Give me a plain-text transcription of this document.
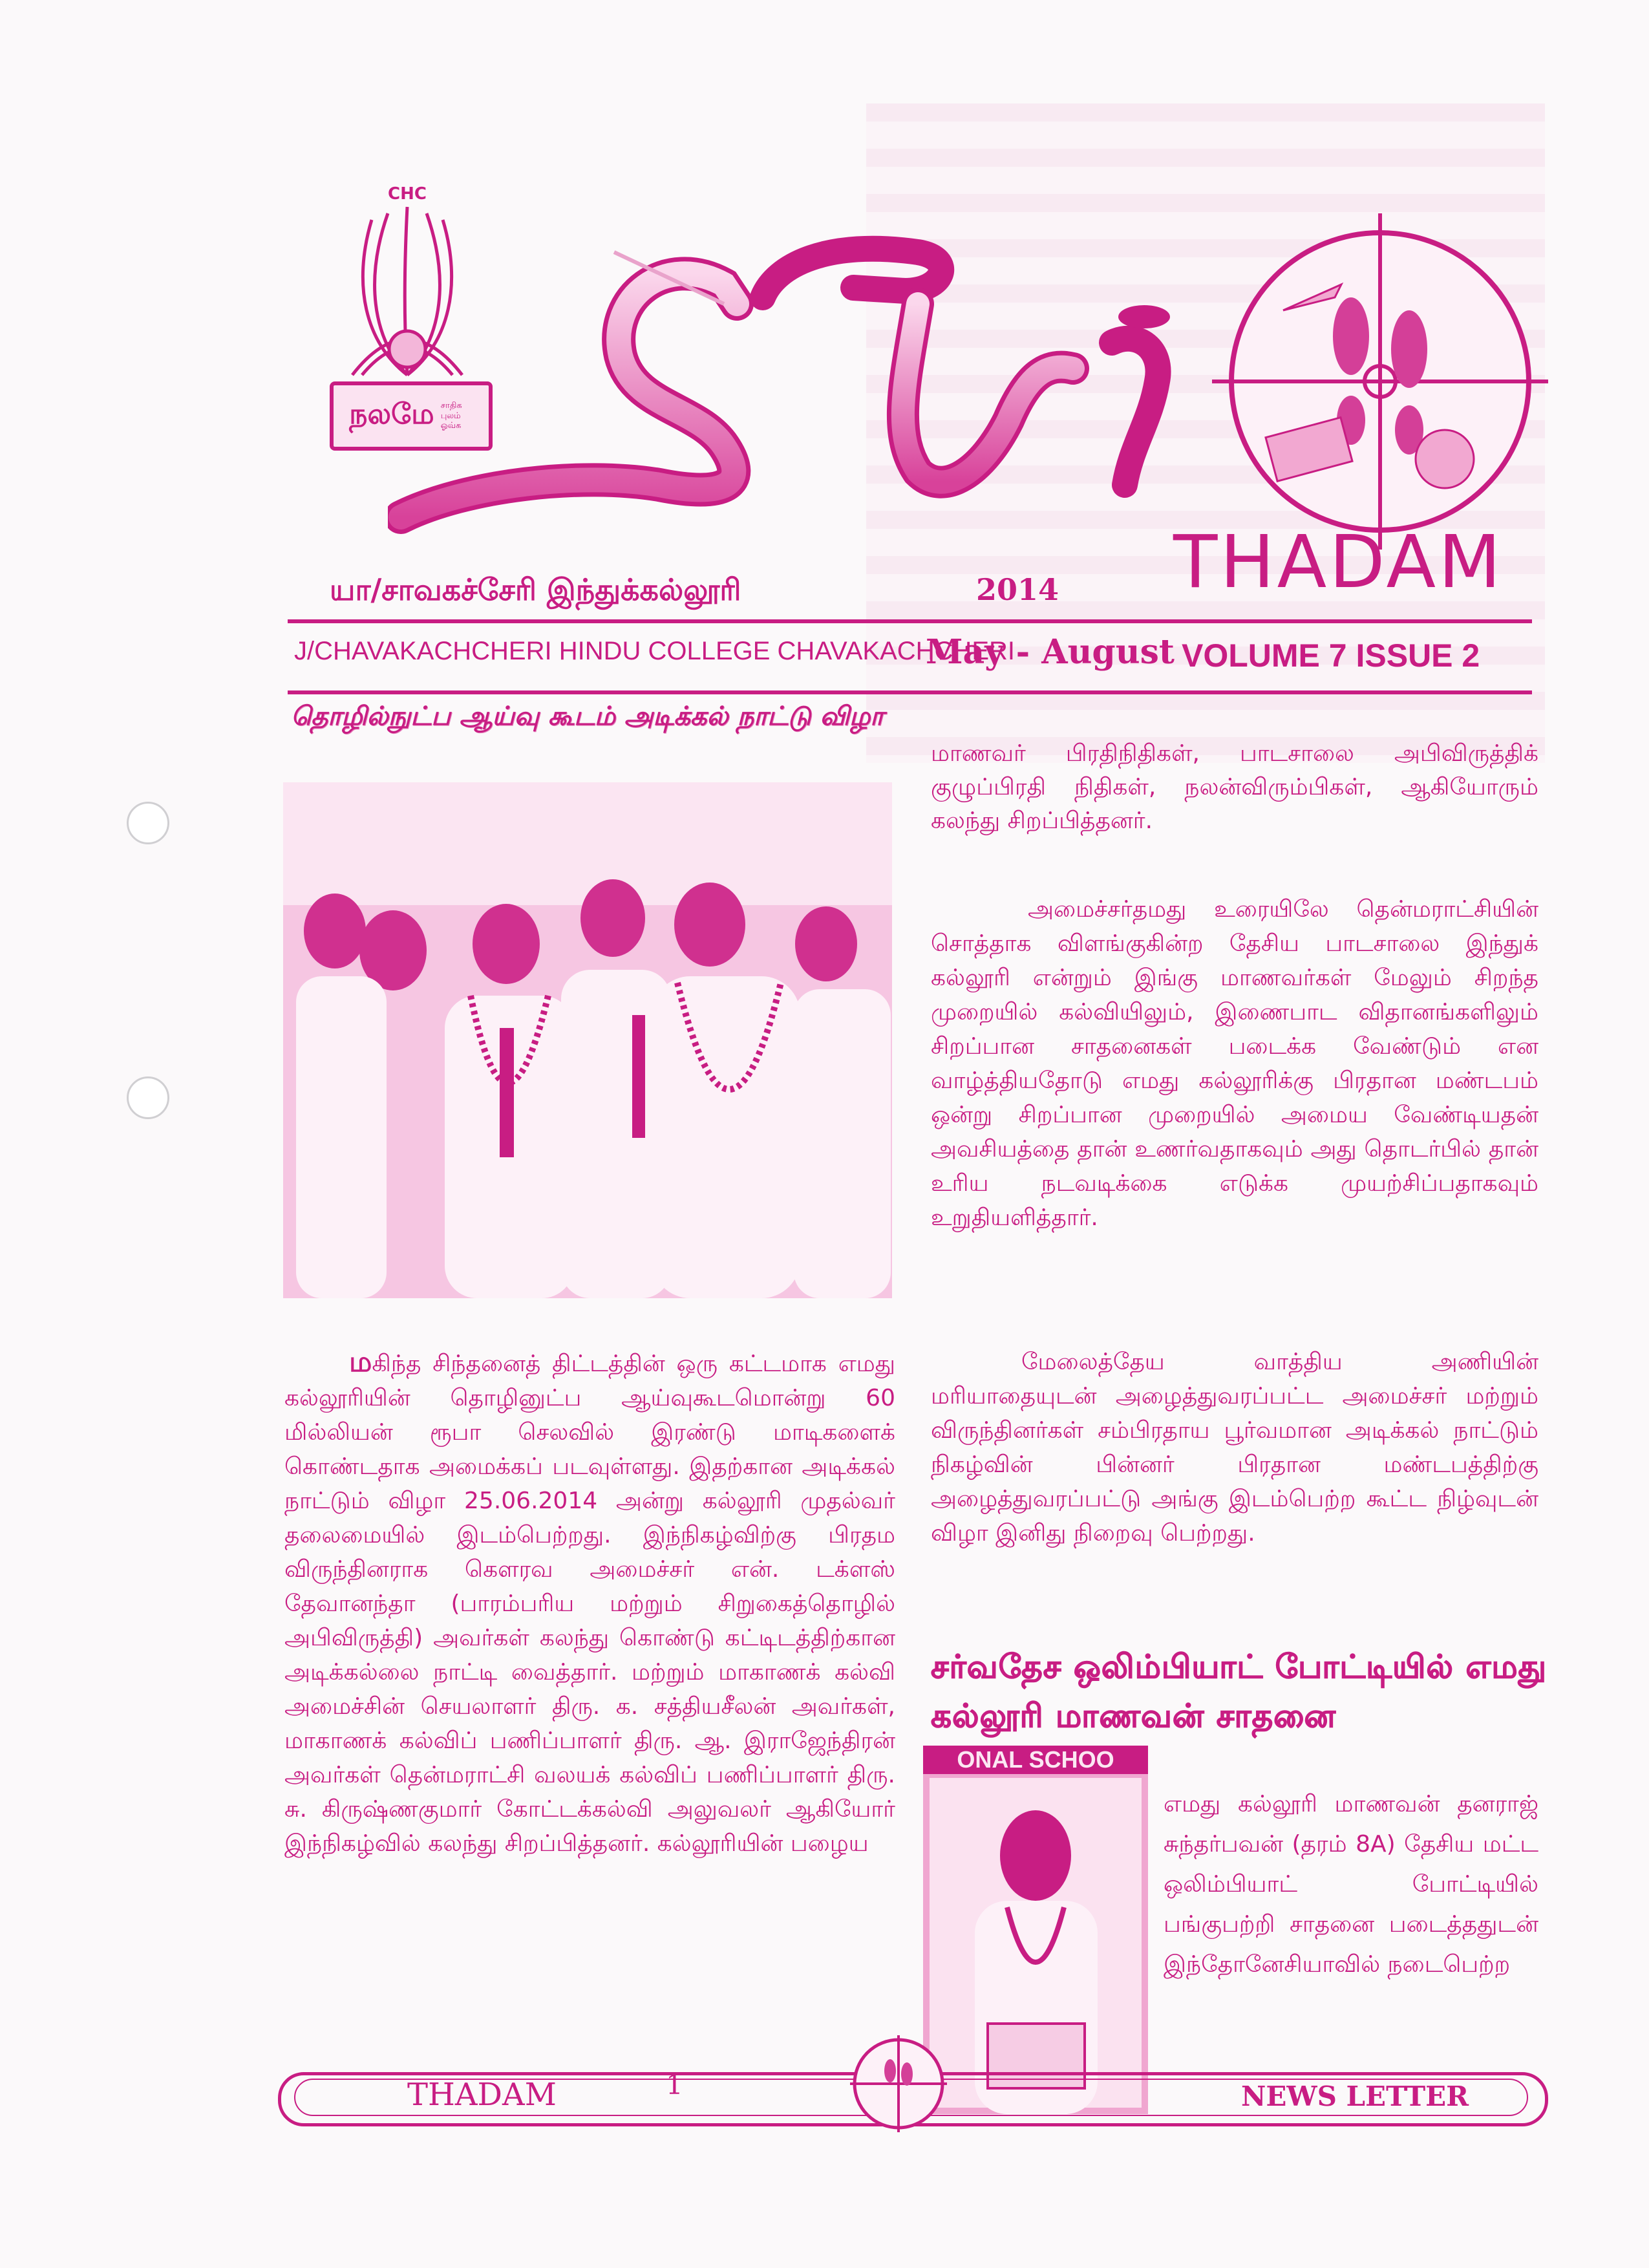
CHC
நலமே சாதிக புலம் ஓவ்க
THADAM
யா/சாவகச்சேரி இந்துக்கல்லூரி	2014
J/CHAVAKACHCHERI HINDU COLLEGE CHAVAKACHCHERI
May - August VOLUME 7 ISSUE 2
தொழில்நுட்ப ஆய்வு கூடம் அடிக்கல் நாட்டு விழா
மகிந்த சிந்தனைத் திட்டத்தின் ஒரு கட்டமாக எமது கல்லூரியின் தொழினுட்ப ஆய்வுகூடமொன்று 60 மில்லியன் ரூபா செலவில் இரண்டு மாடிகளைக் கொண்டதாக அமைக்கப் படவுள்ளது. இதற்கான அடிக்கல் நாட்டும் விழா 25.06.2014 அன்று கல்லூரி முதல்வர் தலைமையில் இடம்பெற்றது. இந்நிகழ்விற்கு பிரதம விருந்தினராக கௌரவ அமைச்சர் என். டக்ளஸ் தேவானந்தா (பாரம்பரிய மற்றும் சிறுகைத்தொழில் அபிவிருத்தி) அவர்கள் கலந்து கொண்டு கட்டிடத்திற்கான அடிக்கல்லை நாட்டி வைத்தார். மற்றும் மாகாணக் கல்வி அமைச்சின் செயலாளர் திரு. க. சத்தியசீலன் அவர்கள், மாகாணக் கல்விப் பணிப்பாளர் திரு. ஆ. இராஜேந்திரன் அவர்கள் தென்மராட்சி வலயக் கல்விப் பணிப்பாளர் திரு. சு. கிருஷ்ணகுமார் கோட்டக்கல்வி அலுவலர் ஆகியோர் இந்நிகழ்வில் கலந்து சிறப்பித்தனர். கல்லூரியின் பழைய
மாணவர் பிரதிநிதிகள், பாடசாலை அபிவிருத்திக் குழுப்பிரதி நிதிகள், நலன்விரும்பிகள், ஆகியோரும் கலந்து சிறப்பித்தனர்.
அமைச்சர்தமது உரையிலே தென்மராட்சியின் சொத்தாக விளங்குகின்ற தேசிய பாடசாலை இந்துக் கல்லூரி என்றும் இங்கு மாணவர்கள் மேலும் சிறந்த முறையில் கல்வியிலும், இணைபாட விதானங்களிலும் சிறப்பான சாதனைகள் படைக்க வேண்டும் என வாழ்த்தியதோடு எமது கல்லூரிக்கு பிரதான மண்டபம் ஒன்று சிறப்பான முறையில் அமைய வேண்டியதன் அவசியத்தை தான் உணர்வதாகவும் அது தொடர்பில் தான் உரிய நடவடிக்கை எடுக்க முயற்சிப்பதாகவும் உறுதியளித்தார்.
மேலைத்தேய வாத்திய அணியின் மரியாதையுடன் அழைத்துவரப்பட்ட அமைச்சர் மற்றும் விருந்தினர்கள் சம்பிரதாய பூர்வமான அடிக்கல் நாட்டும் நிகழ்வின் பின்னர் பிரதான மண்டபத்திற்கு அழைத்துவரப்பட்டு அங்கு இடம்பெற்ற கூட்ட நிழ்வுடன் விழா இனிது நிறைவு பெற்றது.
சர்வதேச ஒலிம்பியாட் போட்டியில் எமது கல்லூரி மாணவன் சாதனை
ONAL SCHOO
எமது கல்லூரி மாணவன் தனராஜ் சுந்தர்பவன் (தரம் 8A) தேசிய மட்ட ஒலிம்பியாட் போட்டியில் பங்குபற்றி சாதனை படைத்ததுடன் இந்தோனேசியாவில் நடைபெற்ற
THADAM	1	NEWS LETTER
